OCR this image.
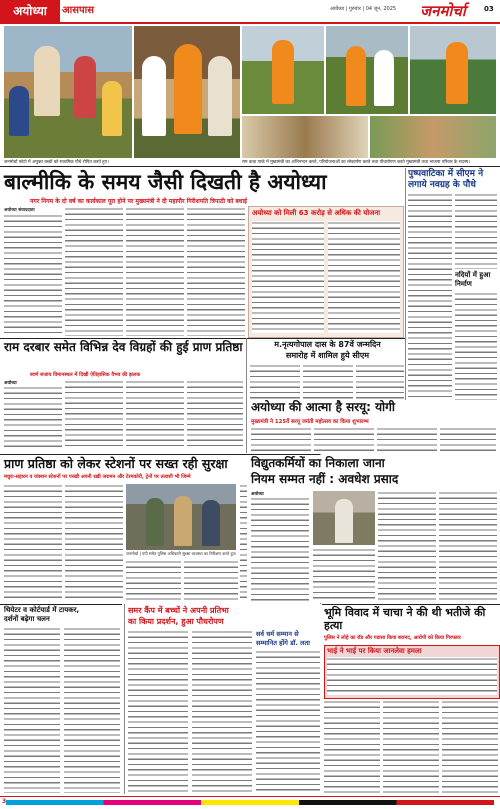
अयोध्या	आसपास	अयोध्या | गुरुवार | 04 जून, 2025	जनमोर्चा	03
जनमोर्चा फोटो में अयुक्त बच्चों को साथमिक पौधे रोपित करते हुए।	राम कथा पार्क में मुख्यमंत्री का अभिनन्दन करते, परियोजनाओं का लोकार्पण करते तथा पौधारोपण करते मुख्यमंत्री तथा भाजपा परिवार के सदस्य।
बाल्मीकि के समय जैसी दिखती है अयोध्या
नगर निगम के दो वर्ष का कार्यकाल पूरा होने पर मुख्यमंत्री ने दी महापौर गिरीशपति त्रिपाठी को बधाई
अयोध्या संवाददाता	अयोध्या को मिली 63 करोड़ से अधिक की योजना
पुष्पवाटिका में सीएम ने लगाये नवग्रह के पौधे
नदियों में हुआ निर्माण
राम दरबार समेत विभिन्न देव विग्रहों की हुई प्राण प्रतिष्ठा
स्वर्ण सजाय विमानस्थल में दिखी ऐतिहासिक वैभव की झलक
अयोध्या
म.नृत्यगोपाल दास के 87वें जन्मदिन
समारोह में शामिल हुये सीएम
प्राण प्रतिष्ठा को लेकर स्टेशनों पर सख्त रही सुरक्षा
मथुरा-सहारन व जंक्शन स्टेशनों पर परखी अपनी रख़ी जरामन और टेरमकोरी, ट्रेनों पर तलाशी भी जिम्मे
जनमोर्चा | एपी समेत पुलिस अधिकारी सुरक्षा व्यवस्था का निरीक्षण करते हुए।
थियेटर व कोर्टयार्ड में टायकर,
दर्शनों बढ़ेगा चलन
समर कैंप में बच्चों ने अपनी प्रतिभा
का किया प्रदर्शन, हुआ पौधरोपण
सर्व धर्म सम्मान से
सम्मानित होंगे डॉ. लता
अयोध्या की आत्मा है सरयू: योगी
मुख्यमंत्री ने 125वें सरयू जयंती महोत्सव का किया शुभारम्भ
विद्युतकर्मियों का निकाला जाना
नियम सम्मत नहीं : अवधेश प्रसाद
अयोध्या
भूमि विवाद में चाचा ने की थी भतीजे की हत्या
पुलिस ने लोहे का रॉड और गडासा किया बरामद, आरोपी को किया गिरफ्तार
भाई ने भाई पर किया जानलेवा हमला
3
